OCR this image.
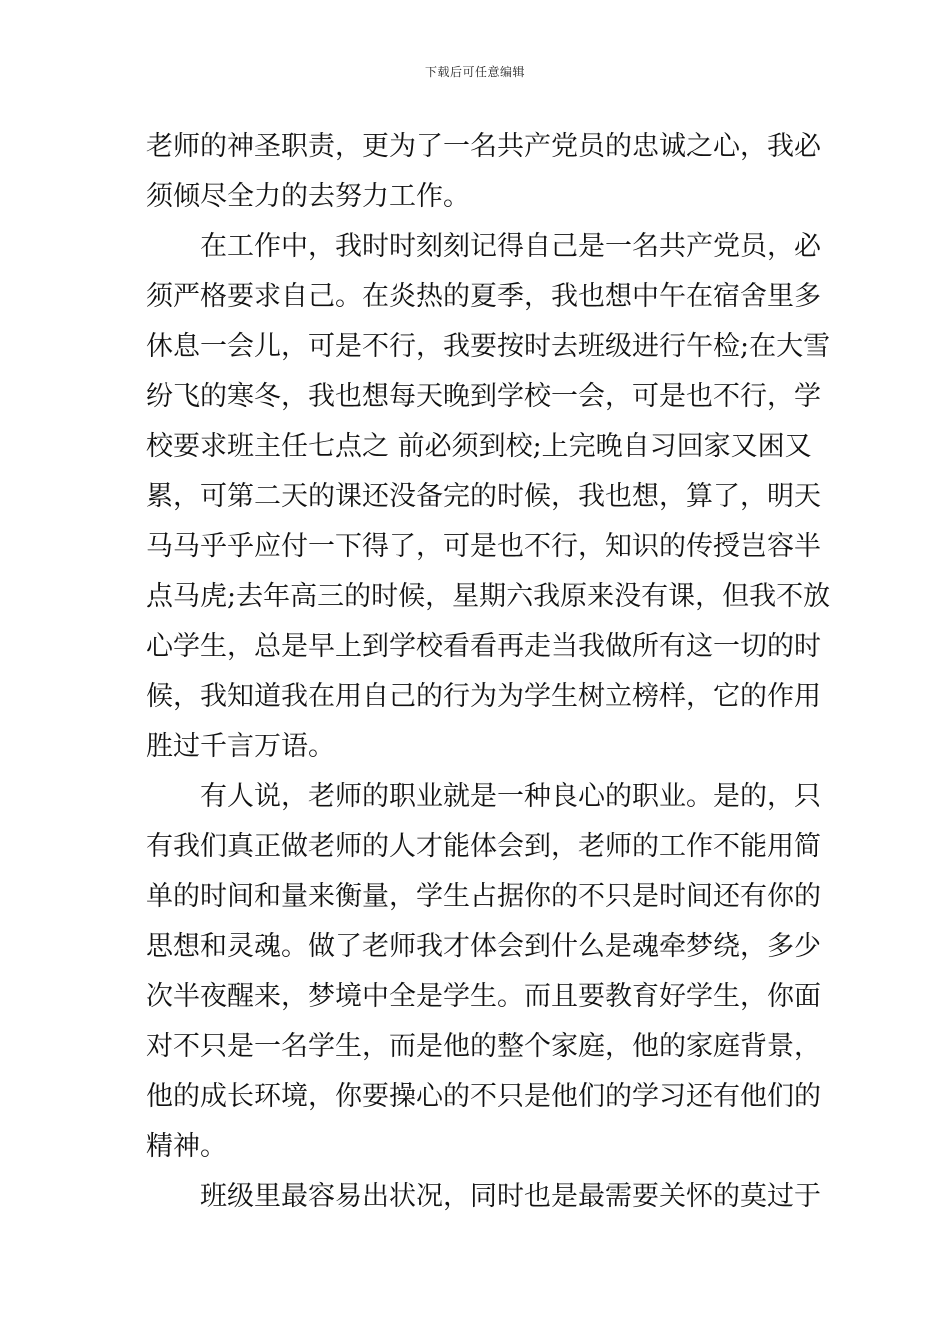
下载后可任意编辑
老师的神圣职责，更为了一名共产党员的忠诚之心，我必
须倾尽全力的去努力工作。
在工作中，我时时刻刻记得自己是一名共产党员，必
须严格要求自己。在炎热的夏季，我也想中午在宿舍里多
休息一会儿，可是不行，我要按时去班级进行午检;在大雪
纷飞的寒冬，我也想每天晚到学校一会，可是也不行，学
校要求班主任七点之 前必须到校;上完晚自习回家又困又
累，可第二天的课还没备完的时候，我也想，算了，明天
马马乎乎应付一下得了，可是也不行，知识的传授岂容半
点马虎;去年高三的时候，星期六我原来没有课，但我不放
心学生，总是早上到学校看看再走当我做所有这一切的时
候，我知道我在用自己的行为为学生树立榜样，它的作用
胜过千言万语。
有人说，老师的职业就是一种良心的职业。是的，只
有我们真正做老师的人才能体会到，老师的工作不能用简
单的时间和量来衡量，学生占据你的不只是时间还有你的
思想和灵魂。做了老师我才体会到什么是魂牵梦绕，多少
次半夜醒来，梦境中全是学生。而且要教育好学生，你面
对不只是一名学生，而是他的整个家庭，他的家庭背景，
他的成长环境，你要操心的不只是他们的学习还有他们的
精神。
班级里最容易出状况，同时也是最需要关怀的莫过于
